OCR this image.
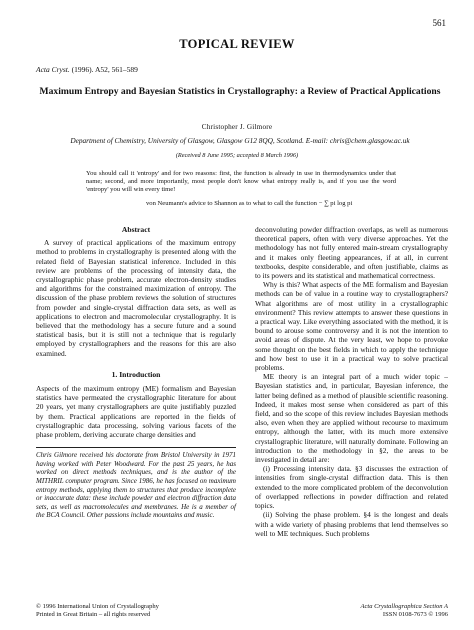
561
TOPICAL REVIEW
Acta Cryst. (1996). A52, 561–589
Maximum Entropy and Bayesian Statistics in Crystallography: a Review of Practical Applications
Christopher J. Gilmore
Department of Chemistry, University of Glasgow, Glasgow G12 8QQ, Scotland. E-mail: chris@chem.glasgow.ac.uk
(Received 8 June 1995; accepted 8 March 1996)
You should call it 'entropy' and for two reasons: first, the function is already in use in thermodynamics under that name; second, and more importantly, most people don't know what entropy really is, and if you use the word 'entropy' you will win every time!
von Neumann's advice to Shannon as to what to call the function − ∑ pi log pi
Abstract

A survey of practical applications of the maximum entropy method to problems in crystallography is presented along with the related field of Bayesian statistical inference. Included in this review are problems of the processing of intensity data, the crystallographic phase problem, accurate electron-density studies and algorithms for the constrained maximization of entropy. The discussion of the phase problem reviews the solution of structures from powder and single-crystal diffraction data sets, as well as applications to electron and macromolecular crystallography. It is believed that the methodology has a secure future and a sound statistical basis, but it is still not a technique that is regularly employed by crystallographers and the reasons for this are also examined.

1. Introduction

Aspects of the maximum entropy (ME) formalism and Bayesian statistics have permeated the crystallographic literature for about 20 years, yet many crystallographers are quite justifiably puzzled by them. Practical applications are reported in the fields of crystallographic data processing, solving various facets of the phase problem, deriving accurate charge densities and

Chris Gilmore received his doctorate from Bristol University in 1971 having worked with Peter Woodward. For the past 25 years, he has worked on direct methods techniques, and is the author of the MITHRIL computer program. Since 1986, he has focused on maximum entropy methods, applying them to structures that produce incomplete or inaccurate data: these include powder and electron diffraction data sets, as well as macromolecules and membranes. He is a member of the BCA Council. Other passions include mountains and music.

deconvoluting powder diffraction overlaps, as well as numerous theoretical papers, often with very diverse approaches. Yet the methodology has not fully entered main-stream crystallography and it makes only fleeting appearances, if at all, in current textbooks, despite considerable, and often justifiable, claims as to its powers and its statistical and mathematical correctness.

Why is this? What aspects of the ME formalism and Bayesian methods can be of value in a routine way to crystallographers? What algorithms are of most utility in a crystallographic environment? This review attempts to answer these questions in a practical way. Like everything associated with the method, it is bound to arouse some controversy and it is not the intention to avoid areas of dispute. At the very least, we hope to provoke some thought on the best fields in which to apply the technique and how best to use it in a practical way to solve practical problems.

ME theory is an integral part of a much wider topic – Bayesian statistics and, in particular, Bayesian inference, the latter being defined as a method of plausible scientific reasoning. Indeed, it makes most sense when considered as part of this field, and so the scope of this review includes Bayesian methods also, even when they are applied without recourse to maximum entropy, although the latter, with its much more extensive crystallographic literature, will naturally dominate. Following an introduction to the methodology in §2, the areas to be investigated in detail are:

(i) Processing intensity data. §3 discusses the extraction of intensities from single-crystal diffraction data. This is then extended to the more complicated problem of the deconvolution of overlapped reflections in powder diffraction and related topics.

(ii) Solving the phase problem. §4 is the longest and deals with a wide variety of phasing problems that lend themselves so well to ME techniques. Such problems

© 1996 International Union of Crystallography
Printed in Great Britain – all rights reserved
Acta Crystallographica Section A
ISSN 0108-7673 © 1996
